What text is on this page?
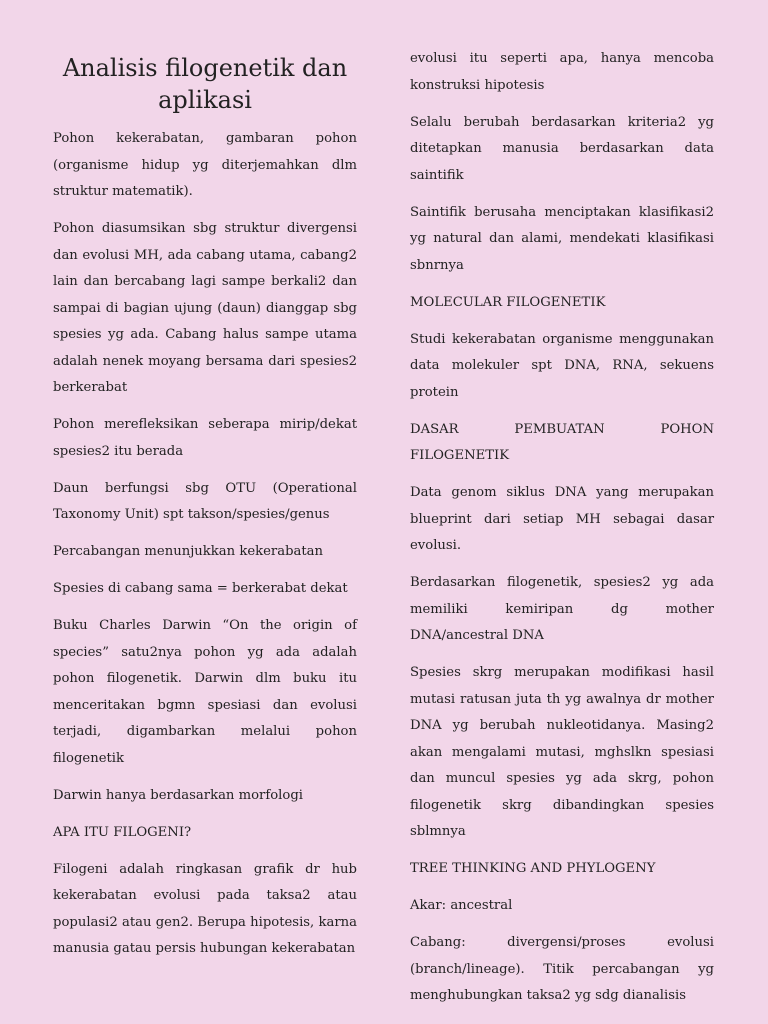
Analisis filogenetik dan aplikasi

Pohon kekerabatan, gambaran pohon (organisme hidup yg diterjemahkan dlm struktur matematik).

Pohon diasumsikan sbg struktur divergensi dan evolusi MH, ada cabang utama, cabang2 lain dan bercabang lagi sampe berkali2 dan sampai di bagian ujung (daun) dianggap sbg spesies yg ada. Cabang halus sampe utama adalah nenek moyang bersama dari spesies2 berkerabat

Pohon merefleksikan seberapa mirip/dekat spesies2 itu berada

Daun berfungsi sbg OTU (Operational Taxonomy Unit) spt takson/spesies/genus

Percabangan menunjukkan kekerabatan

Spesies di cabang sama = berkerabat dekat

Buku Charles Darwin “On the origin of species” satu2nya pohon yg ada adalah pohon filogenetik. Darwin dlm buku itu menceritakan bgmn spesiasi dan evolusi terjadi, digambarkan melalui pohon filogenetik

Darwin hanya berdasarkan morfologi

APA ITU FILOGENI?

Filogeni adalah ringkasan grafik dr hub kekerabatan evolusi pada taksa2 atau populasi2 atau gen2. Berupa hipotesis, karna manusia gatau persis hubungan kekerabatan

evolusi itu seperti apa, hanya mencoba konstruksi hipotesis

Selalu berubah berdasarkan kriteria2 yg ditetapkan manusia berdasarkan data saintifik

Saintifik berusaha menciptakan klasifikasi2 yg natural dan alami, mendekati klasifikasi sbnrnya

MOLECULAR FILOGENETIK

Studi kekerabatan organisme menggunakan data molekuler spt DNA, RNA, sekuens protein

DASAR PEMBUATAN POHON FILOGENETIK

Data genom siklus DNA yang merupakan blueprint dari setiap MH sebagai dasar evolusi.

Berdasarkan filogenetik, spesies2 yg ada memiliki kemiripan dg mother DNA/ancestral DNA

Spesies skrg merupakan modifikasi hasil mutasi ratusan juta th yg awalnya dr mother DNA yg berubah nukleotidanya. Masing2 akan mengalami mutasi, mghslkn spesiasi dan muncul spesies yg ada skrg, pohon filogenetik skrg dibandingkan spesies sblmnya

TREE THINKING AND PHYLOGENY

Akar: ancestral

Cabang: divergensi/proses evolusi (branch/lineage). Titik percabangan yg menghubungkan taksa2 yg sdg dianalisis
